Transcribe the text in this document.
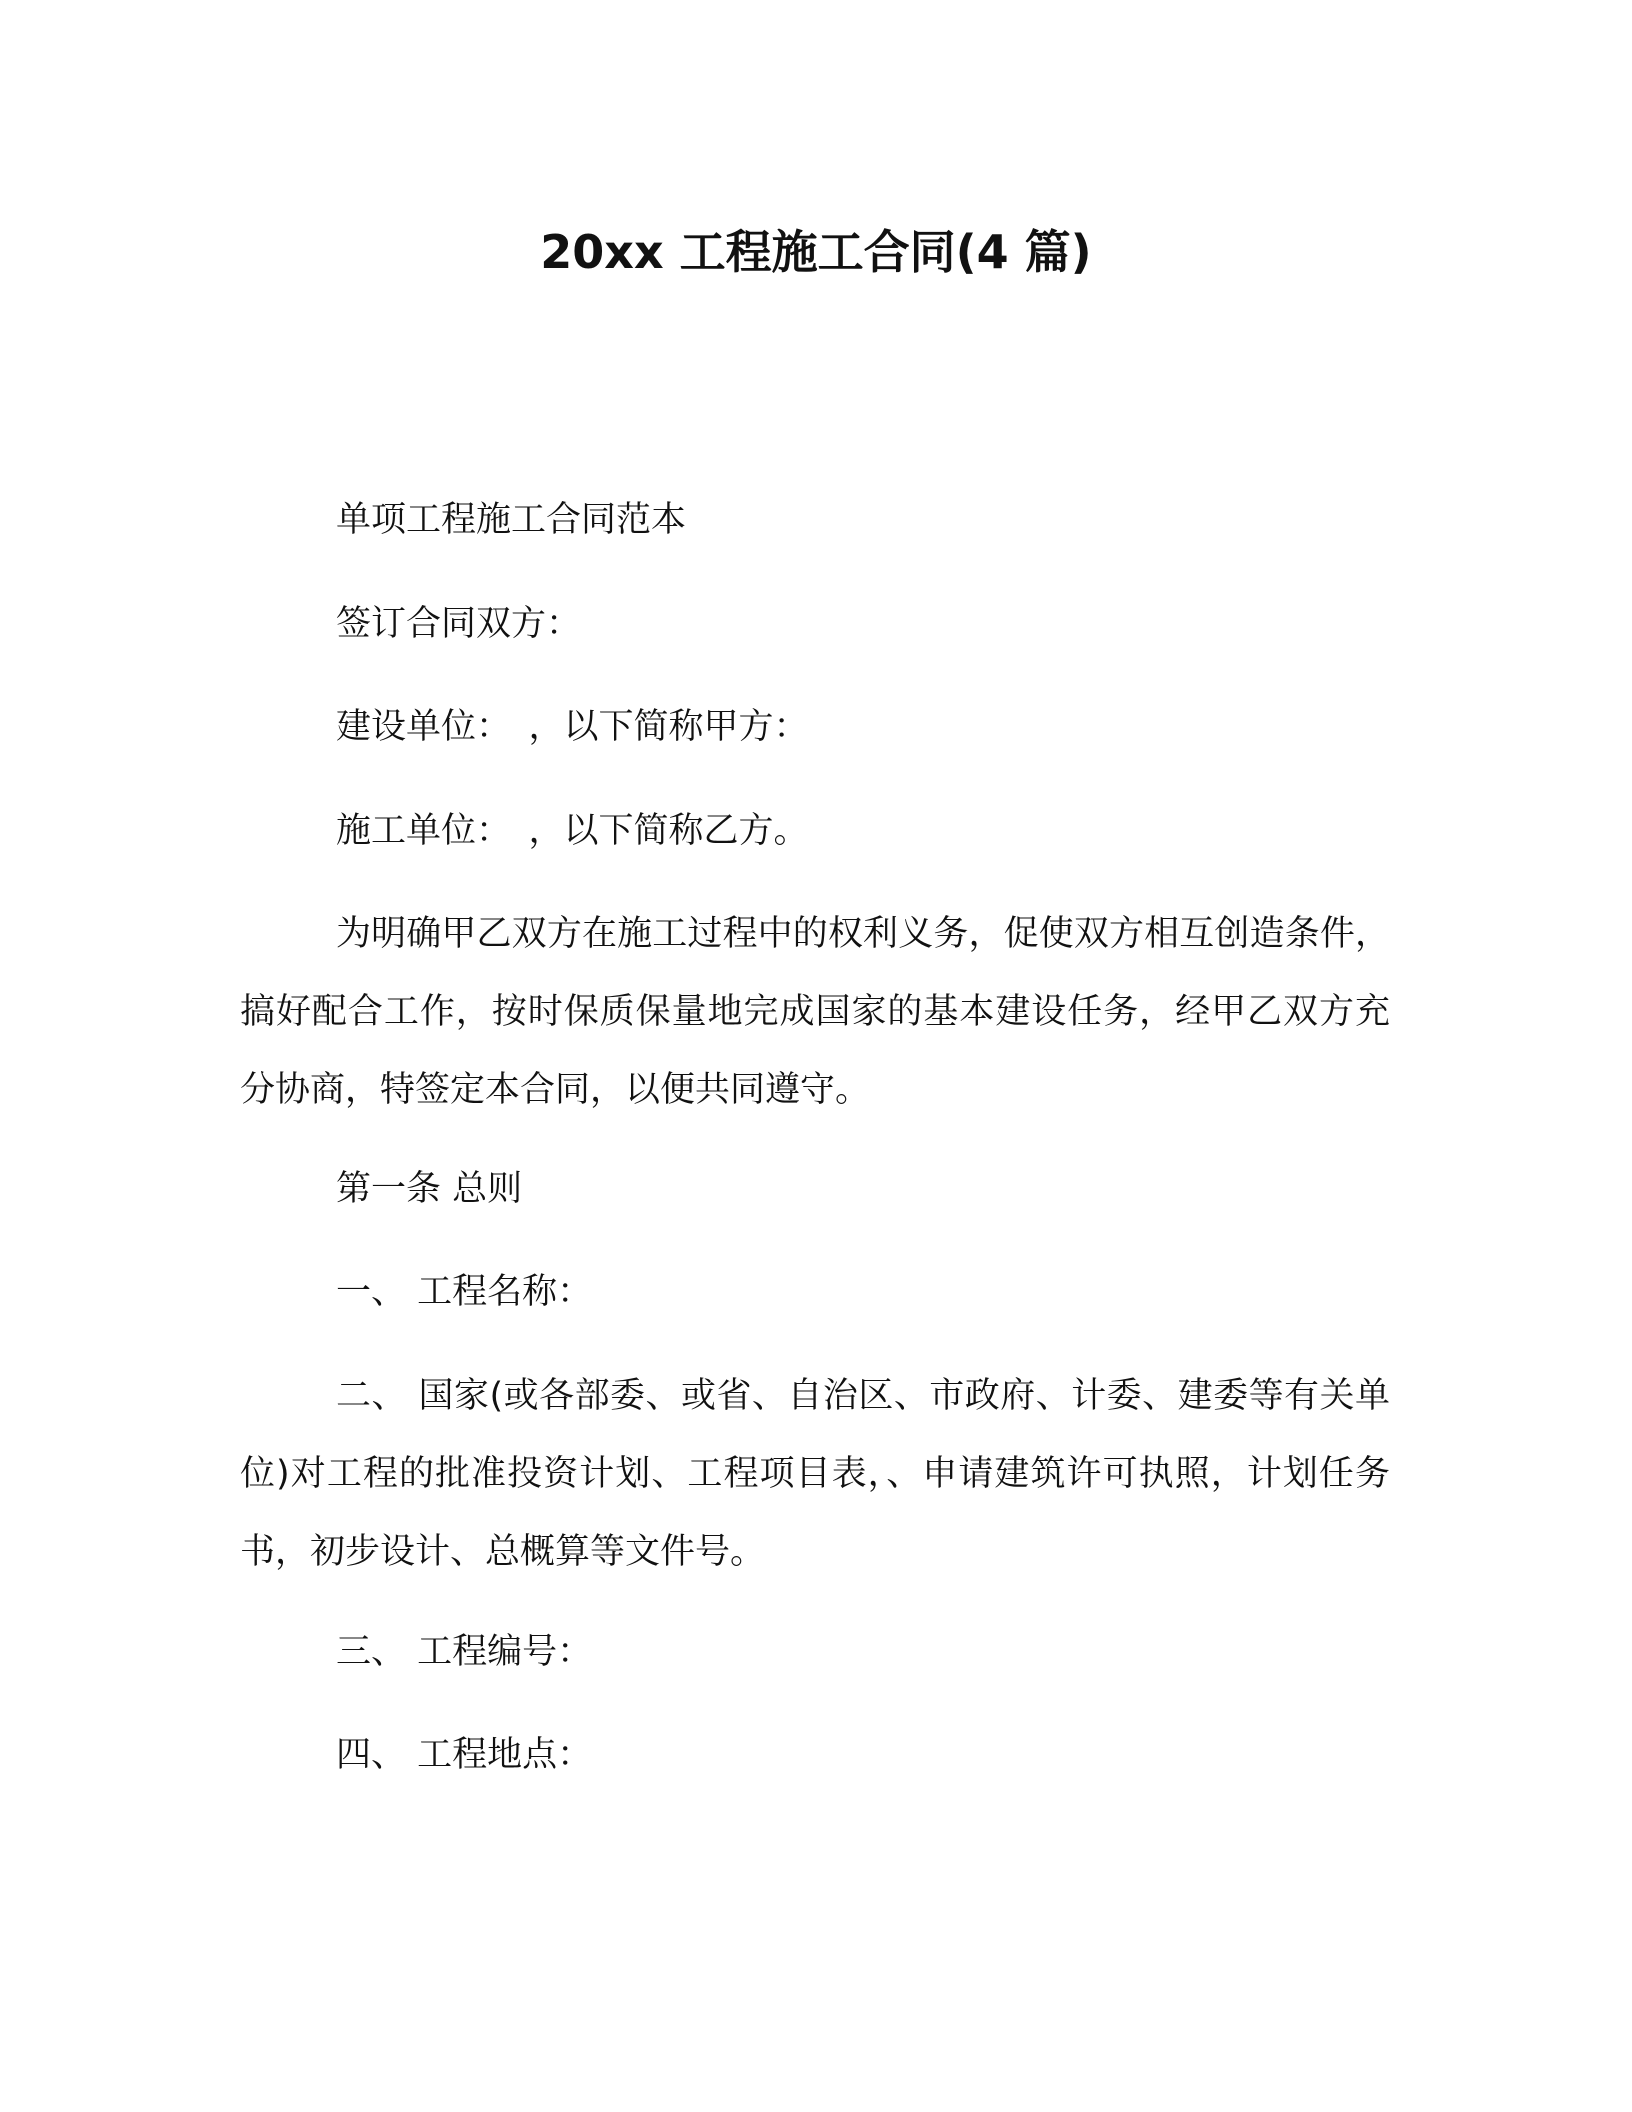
20xx 工程施工合同(4 篇)
单项工程施工合同范本
签订合同双方：
建设单位：　，以下简称甲方：
施工单位：　，以下简称乙方。
为明确甲乙双方在施工过程中的权利义务，促使双方相互创造条件，搞好配合工作，按时保质保量地完成国家的基本建设任务，经甲乙双方充分协商，特签定本合同，以便共同遵守。
第一条 总则
一、 工程名称：
二、 国家(或各部委、或省、自治区、市政府、计委、建委等有关单位)对工程的批准投资计划、工程项目表，、申请建筑许可执照，计划任务书，初步设计、总概算等文件号。
三、 工程编号：
四、 工程地点：
